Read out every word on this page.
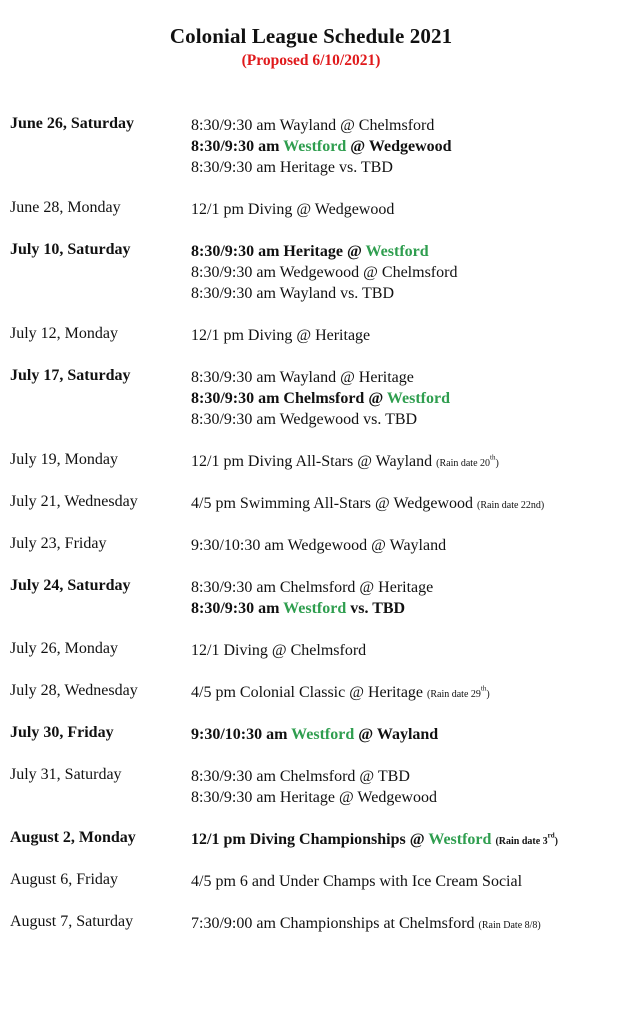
Colonial League Schedule 2021
(Proposed 6/10/2021)
June 26, Saturday	8:30/9:30 am Wayland @ Chelmsford
8:30/9:30 am Westford @ Wedgewood
8:30/9:30 am Heritage vs. TBD
June 28, Monday	12/1 pm Diving @ Wedgewood
July 10, Saturday	8:30/9:30 am Heritage @ Westford
8:30/9:30 am Wedgewood @ Chelmsford
8:30/9:30 am Wayland vs. TBD
July 12, Monday	12/1 pm Diving @ Heritage
July 17, Saturday	8:30/9:30 am Wayland @ Heritage
8:30/9:30 am Chelmsford @ Westford
8:30/9:30 am Wedgewood vs. TBD
July 19, Monday	12/1 pm Diving All-Stars @ Wayland (Rain date 20th)
July 21, Wednesday	4/5 pm Swimming All-Stars @ Wedgewood (Rain date 22nd)
July 23, Friday	9:30/10:30 am Wedgewood @ Wayland
July 24, Saturday	8:30/9:30 am Chelmsford @ Heritage
8:30/9:30 am Westford vs. TBD
July 26, Monday	12/1 Diving @ Chelmsford
July 28, Wednesday	4/5 pm Colonial Classic @ Heritage (Rain date 29th)
July 30, Friday	9:30/10:30 am Westford @ Wayland
July 31, Saturday	8:30/9:30 am Chelmsford @ TBD
8:30/9:30 am Heritage @ Wedgewood
August 2, Monday	12/1 pm Diving Championships @ Westford (Rain date 3rd)
August 6, Friday	4/5 pm 6 and Under Champs with Ice Cream Social
August 7, Saturday	7:30/9:00 am Championships at Chelmsford (Rain Date 8/8)
